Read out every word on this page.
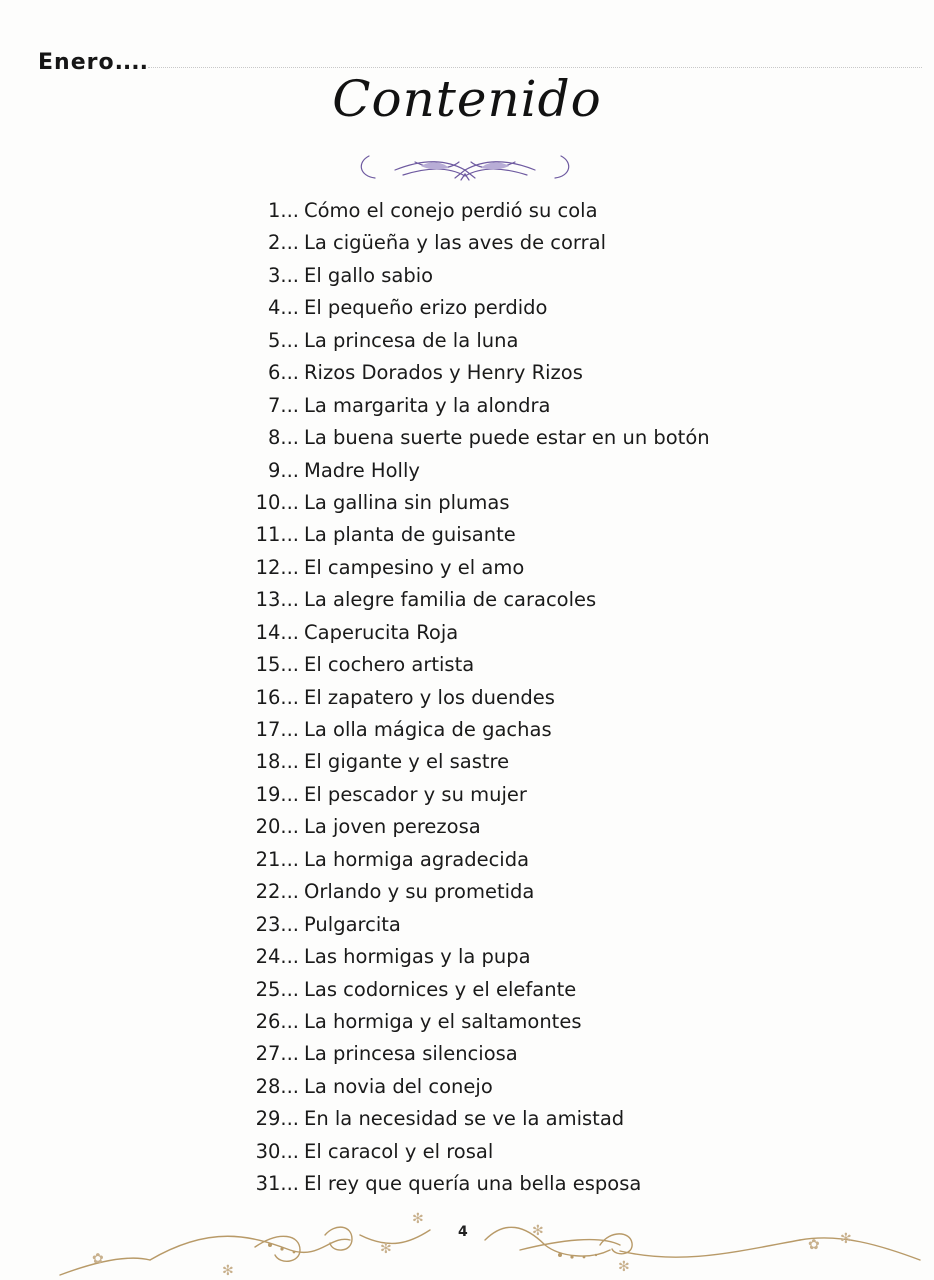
Enero....
Contenido
1... Cómo el conejo perdió su cola
2... La cigüeña y las aves de corral
3... El gallo sabio
4... El pequeño erizo perdido
5... La princesa de la luna
6... Rizos Dorados y Henry Rizos
7... La margarita y la alondra
8... La buena suerte puede estar en un botón
9... Madre Holly
10... La gallina sin plumas
11... La planta de guisante
12... El campesino y el amo
13... La alegre familia de caracoles
14... Caperucita Roja
15... El cochero artista
16... El zapatero y los duendes
17... La olla mágica de gachas
18... El gigante y el sastre
19... El pescador y su mujer
20... La joven perezosa
21... La hormiga agradecida
22... Orlando y su prometida
23... Pulgarcita
24... Las hormigas y la pupa
25... Las codornices y el elefante
26... La hormiga y el saltamontes
27... La princesa silenciosa
28... La novia del conejo
29... En la necesidad se ve la amistad
30... El caracol y el rosal
31... El rey que quería una bella esposa
✻
✻
✻
✻
✿
✻
✿ ✻
4
